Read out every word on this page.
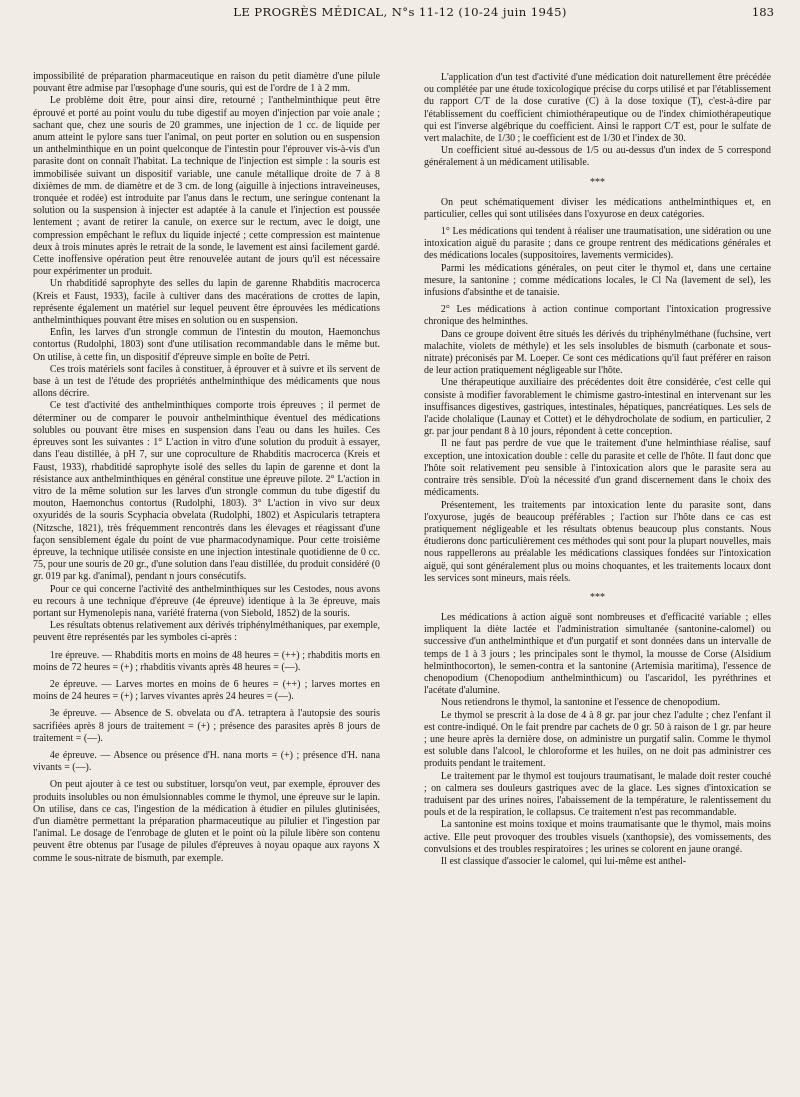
LE PROGRÈS MÉDICAL, N°s 11-12 (10-24 juin 1945)	183

impossibilité de préparation pharmaceutique en raison du petit diamètre d'une pilule pouvant être admise par l'œsophage d'une souris, qui est de l'ordre de 1 à 2 mm.

Le problème doit être, pour ainsi dire, retourné ; l'anthelminthique peut être éprouvé et porté au point voulu du tube digestif au moyen d'injection par voie anale ; sachant que, chez une souris de 20 grammes, une injection de 1 cc. de liquide per anum atteint le pylore sans tuer l'animal, on peut porter en solution ou en suspension un anthelminthique en un point quelconque de l'intestin pour l'éprouver vis-à-vis d'un parasite dont on connaît l'habitat. La technique de l'injection est simple : la souris est immobilisée suivant un dispositif variable, une canule métallique droite de 7 à 8 dixièmes de mm. de diamètre et de 3 cm. de long (aiguille à injections intraveineuses, tronquée et rodée) est introduite par l'anus dans le rectum, une seringue contenant la solution ou la suspension à injecter est adaptée à la canule et l'injection est poussée lentement ; avant de retirer la canule, on exerce sur le rectum, avec le doigt, une compression empêchant le reflux du liquide injecté ; cette compression est maintenue deux à trois minutes après le retrait de la sonde, le lavement est ainsi facilement gardé. Cette inoffensive opération peut être renouvelée autant de jours qu'il est nécessaire pour expérimenter un produit.

Un rhabditidé saprophyte des selles du lapin de garenne Rhabditis macrocerca (Kreis et Faust, 1933), facile à cultiver dans des macérations de crottes de lapin, représente également un matériel sur lequel peuvent être éprouvées les médications anthelminthiques pouvant être mises en solution ou en suspension.

Enfin, les larves d'un strongle commun de l'intestin du mouton, Haemonchus contortus (Rudolphi, 1803) sont d'une utilisation recommandable dans le même but. On utilise, à cette fin, un dispositif d'épreuve simple en boîte de Petri.

Ces trois matériels sont faciles à constituer, à éprouver et à suivre et ils servent de base à un test de l'étude des propriétés anthelminthique des médicaments que nous allons décrire.

Ce test d'activité des anthelminthiques comporte trois épreuves ; il permet de déterminer ou de comparer le pouvoir anthelminthique éventuel des médications solubles ou pouvant être mises en suspension dans l'eau ou dans les huiles. Ces épreuves sont les suivantes : 1° L'action in vitro d'une solution du produit à essayer, dans l'eau distillée, à pH 7, sur une coproculture de Rhabditis macrocerca (Kreis et Faust, 1933), rhabditidé saprophyte isolé des selles du lapin de garenne et dont la résistance aux anthelminthiques en général constitue une épreuve pilote. 2° L'action in vitro de la même solution sur les larves d'un strongle commun du tube digestif du mouton, Haemonchus contortus (Rudolphi, 1803). 3° L'action in vivo sur deux oxyuridés de la souris Scyphacia obvelata (Rudolphi, 1802) et Aspicularis tetraptera (Nitzsche, 1821), très fréquemment rencontrés dans les élevages et réagissant d'une façon sensiblement égale du point de vue pharmacodynamique. Pour cette troisième épreuve, la technique utilisée consiste en une injection intestinale quotidienne de 0 cc. 75, pour une souris de 20 gr., d'une solution dans l'eau distillée, du produit considéré (0 gr. 019 par kg. d'animal), pendant n jours consécutifs.

Pour ce qui concerne l'activité des anthelminthiques sur les Cestodes, nous avons eu recours à une technique d'épreuve (4e épreuve) identique à la 3e épreuve, mais portant sur Hymenolepis nana, variété fraterna (von Siebold, 1852) de la souris.

Les résultats obtenus relativement aux dérivés triphénylméthaniques, par exemple, peuvent être représentés par les symboles ci-après :

1re épreuve. — Rhabditis morts en moins de 48 heures = (++) ; rhabditis morts en moins de 72 heures = (+) ; rhabditis vivants après 48 heures = (—).

2e épreuve. — Larves mortes en moins de 6 heures = (++) ; larves mortes en moins de 24 heures = (+) ; larves vivantes après 24 heures = (—).

3e épreuve. — Absence de S. obvelata ou d'A. tetraptera à l'autopsie des souris sacrifiées après 8 jours de traitement = (+) ; présence des parasites après 8 jours de traitement = (—).

4e épreuve. — Absence ou présence d'H. nana morts = (+) ; présence d'H. nana vivants = (—).

On peut ajouter à ce test ou substituer, lorsqu'on veut, par exemple, éprouver des produits insolubles ou non émulsionnables comme le thymol, une épreuve sur le lapin. On utilise, dans ce cas, l'ingestion de la médication à étudier en pilules glutinisées, d'un diamètre permettant la préparation pharmaceutique au pilulier et l'ingestion par l'animal. Le dosage de l'enrobage de gluten et le point où la pilule libère son contenu peuvent être obtenus par l'usage de pilules d'épreuves à noyau opaque aux rayons X comme le sous-nitrate de bismuth, par exemple.

L'application d'un test d'activité d'une médication doit naturellement être précédée ou complétée par une étude toxicologique précise du corps utilisé et par l'établissement du rapport C/T de la dose curative (C) à la dose toxique (T), c'est-à-dire par l'établissement du coefficient chimiothérapeutique ou de l'index chimiothérapeutique qui est l'inverse algébrique du coefficient. Ainsi le rapport C/T est, pour le sulfate de vert malachite, de 1/30 ; le coefficient est de 1/30 et l'index de 30.

Un coefficient situé au-dessous de 1/5 ou au-dessus d'un index de 5 correspond généralement à un médicament utilisable.

***

On peut schématiquement diviser les médications anthelminthiques et, en particulier, celles qui sont utilisées dans l'oxyurose en deux catégories.

1° Les médications qui tendent à réaliser une traumatisation, une sidération ou une intoxication aiguë du parasite ; dans ce groupe rentrent des médications générales et des médications locales (suppositoires, lavements vermicides).

Parmi les médications générales, on peut citer le thymol et, dans une certaine mesure, la santonine ; comme médications locales, le Cl Na (lavement de sel), les infusions d'absinthe et de tanaisie.

2° Les médications à action continue comportant l'intoxication progressive chronique des helminthes.

Dans ce groupe doivent être situés les dérivés du triphénylméthane (fuchsine, vert malachite, violets de méthyle) et les sels insolubles de bismuth (carbonate et sous-nitrate) préconisés par M. Loeper. Ce sont ces médications qu'il faut préférer en raison de leur action pratiquement négligeable sur l'hôte.

Une thérapeutique auxiliaire des précédentes doit être considérée, c'est celle qui consiste à modifier favorablement le chimisme gastro-intestinal en intervenant sur les insuffisances digestives, gastriques, intestinales, hépatiques, pancréatiques. Les sels de l'acide cholalique (Launay et Cottet) et le déhydrocholate de sodium, en particulier, 2 gr. par jour pendant 8 à 10 jours, répondent à cette conception.

Il ne faut pas perdre de vue que le traitement d'une helminthiase réalise, sauf exception, une intoxication double : celle du parasite et celle de l'hôte. Il faut donc que l'hôte soit relativement peu sensible à l'intoxication alors que le parasite sera au contraire très sensible. D'où la nécessité d'un grand discernement dans le choix des médicaments.

Présentement, les traitements par intoxication lente du parasite sont, dans l'oxyurose, jugés de beaucoup préférables ; l'action sur l'hôte dans ce cas est pratiquement négligeable et les résultats obtenus beaucoup plus constants. Nous étudierons donc particulièrement ces méthodes qui sont pour la plupart nouvelles, mais nous rappellerons au préalable les médications classiques fondées sur l'intoxication aiguë, qui sont généralement plus ou moins choquantes, et les traitements locaux dont les services sont mineurs, mais réels.

***

Les médications à action aiguë sont nombreuses et d'efficacité variable ; elles impliquent la diète lactée et l'administration simultanée (santonine-calomel) ou successive d'un anthelminthique et d'un purgatif et sont données dans un intervalle de temps de 1 à 3 jours ; les principales sont le thymol, la mousse de Corse (Alsidium helminthocorton), le semen-contra et la santonine (Artemisia maritima), l'essence de chenopodium (Chenopodium anthelminthicum) ou l'ascaridol, les pyréthrines et l'acétate d'alumine.

Nous retiendrons le thymol, la santonine et l'essence de chenopodium.

Le thymol se prescrit à la dose de 4 à 8 gr. par jour chez l'adulte ; chez l'enfant il est contre-indiqué. On le fait prendre par cachets de 0 gr. 50 à raison de 1 gr. par heure ; une heure après la dernière dose, on administre un purgatif salin. Comme le thymol est soluble dans l'alcool, le chloroforme et les huiles, on ne doit pas administrer ces produits pendant le traitement.

Le traitement par le thymol est toujours traumatisant, le malade doit rester couché ; on calmera ses douleurs gastriques avec de la glace. Les signes d'intoxication se traduisent par des urines noires, l'abaissement de la température, le ralentissement du pouls et de la respiration, le collapsus. Ce traitement n'est pas recommandable.

La santonine est moins toxique et moins traumatisante que le thymol, mais moins active. Elle peut provoquer des troubles visuels (xanthopsie), des vomissements, des convulsions et des troubles respiratoires ; les urines se colorent en jaune orangé.

Il est classique d'associer le calomel, qui lui-même est anthel-
